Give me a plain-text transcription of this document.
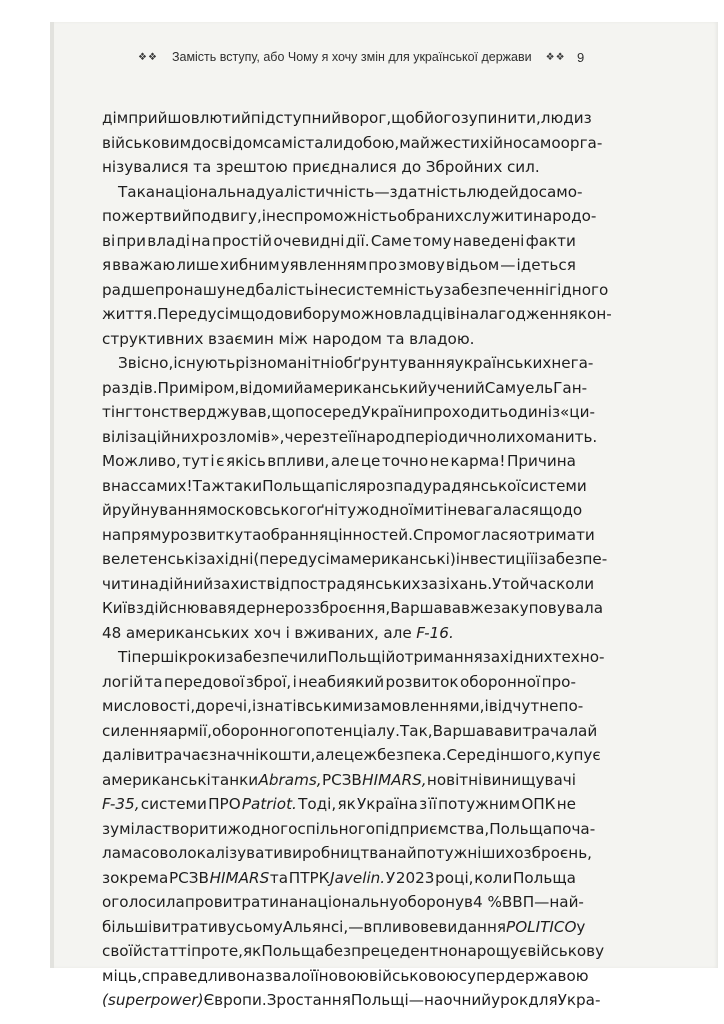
❖❖ Замість вступу, або Чому я хочу змін для української держави ❖❖ 9
дім прийшов лютий підступний ворог, щоб його зупинити, люди з
військовим досвідом самі стали до бою, майже стихійно самоорга-
нізувалися та зрештою приєдналися до Збройних сил.
Така національна дуалістичність — здатність людей до само-
пожертви й подвигу, і неспроможність обраних служити народо-
ві при владі на простій очевидні дії. Саме тому наведені факти
я вважаю лише хибним уявленням про змову відьом — ідеться
радше про нашу недбалість і несистемність у забезпеченні гідного
життя. Передусім щодо вибору можновладців і налагодження кон-
структивних взаємин між народом та владою.
Звісно, існують різноманітні обґрунтування українських нега-
раздів. Приміром, відомий американський учений Самуель Ган-
тінгтон стверджував, що посеред України проходить один із «ци-
вілізаційних розломів», через те її народ періодично лихоманить.
Можливо, тут і є якісь впливи, але це точно не карма! Причина
в нас самих! Та ж таки Польща після розпаду радянської системи
й руйнування московського ґніту жодної миті не вагалася щодо
напряму розвитку та обрання цінностей. Спромоглася отримати
велетенські західні (передусім американські) інвестиції і забезпе-
чити надійний захист від пострадянських зазіхань. У той час коли
Київ здійснював ядерне роззброєння, Варшава вже закуповувала
48 американських хоч і вживаних, але F-16.
Ті перші кроки забезпечили Польщі й отримання західних техно-
логій та передової зброї, і неабиякий розвиток оборонної про-
мисловості, до речі, із натівськими замовленнями, і відчутне по-
силення армії, оборонного потенціалу. Так, Варшава витрачала й
далі витрачає значні кошти, але це ж безпека. Серед іншого, купує
американські танки Abrams, РСЗВ HIMARS, новітні винищувачі
F-35, системи ПРО Patriot. Тоді, як Україна з її потужним ОПК не
зуміла створити жодного спільного підприємства, Польща поча-
ла масово локалізувати виробництва найпотужніших озброєнь,
зокрема РСЗВ HIMARS та ПТРК Javelin. У 2023 році, коли Польща
оголосила про витрати на національну оборону в 4 % ВВП — най-
більші витрати в усьому Альянсі, — впливове видання POLITICO у
своїй статті про те, як Польща безпрецедентно нарощує військову
міць, справедливо назвало її новою військовою супердержавою
(superpower) Європи. Зростання Польщі — наочний урок для Укра-
